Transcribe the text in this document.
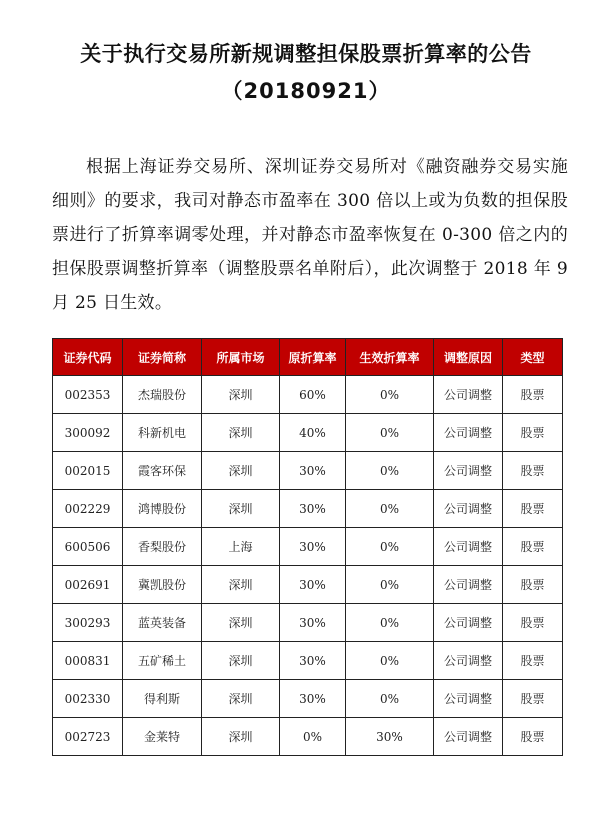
关于执行交易所新规调整担保股票折算率的公告
（20180921）
根据上海证券交易所、深圳证券交易所对《融资融券交易实施细则》的要求，我司对静态市盈率在 300 倍以上或为负数的担保股票进行了折算率调零处理，并对静态市盈率恢复在 0-300 倍之内的担保股票调整折算率（调整股票名单附后），此次调整于 2018 年 9 月 25 日生效。
证券代码	证券简称	所属市场	原折算率	生效折算率	调整原因	类型
002353	杰瑞股份	深圳	60%	0%	公司调整	股票
300092	科新机电	深圳	40%	0%	公司调整	股票
002015	霞客环保	深圳	30%	0%	公司调整	股票
002229	鸿博股份	深圳	30%	0%	公司调整	股票
600506	香梨股份	上海	30%	0%	公司调整	股票
002691	冀凯股份	深圳	30%	0%	公司调整	股票
300293	蓝英装备	深圳	30%	0%	公司调整	股票
000831	五矿稀土	深圳	30%	0%	公司调整	股票
002330	得利斯	深圳	30%	0%	公司调整	股票
002723	金莱特	深圳	0%	30%	公司调整	股票
